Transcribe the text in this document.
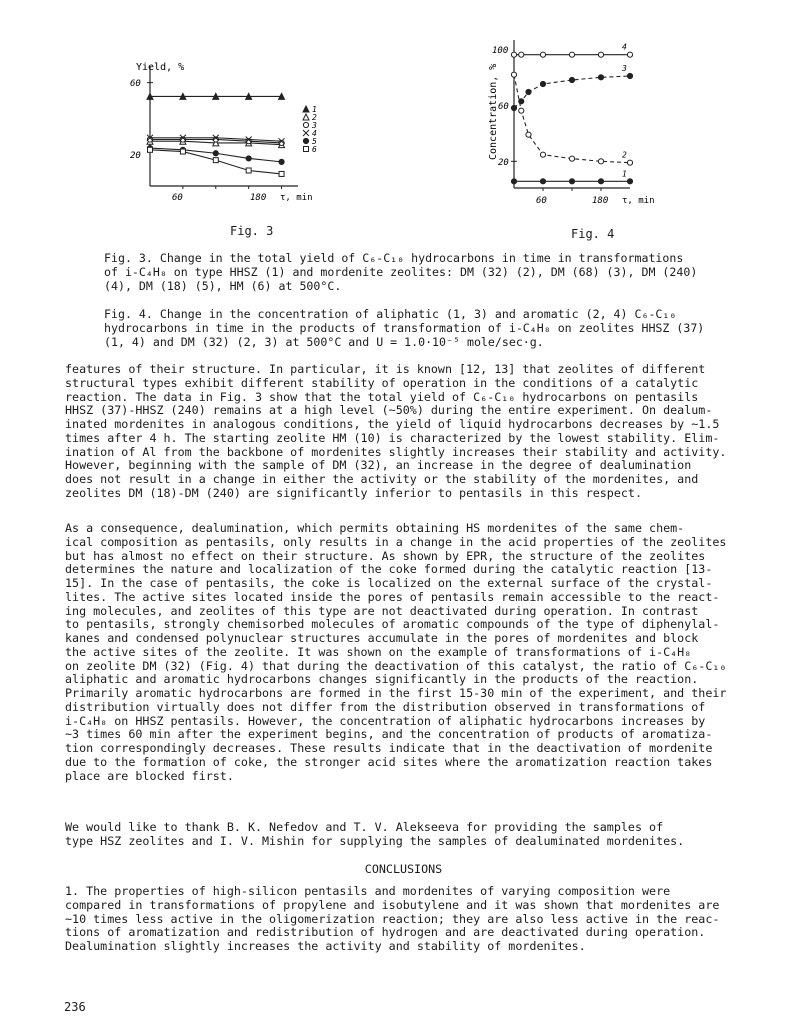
Yield, %
60
20
60	180 τ, min
1
2
3
4
5
6
Fig. 3
Concentration, %
100
60
20
60	180 τ, min
4
3
2
1
Fig. 4
Fig. 3. Change in the total yield of C₆-C₁₀ hydrocarbons in time in transformations
of i-C₄H₈ on type HHSZ (1) and mordenite zeolites: DM (32) (2), DM (68) (3), DM (240)
(4), DM (18) (5), HM (6) at 500°C.
Fig. 4. Change in the concentration of aliphatic (1, 3) and aromatic (2, 4) C₆-C₁₀
hydrocarbons in time in the products of transformation of i-C₄H₈ on zeolites HHSZ (37)
(1, 4) and DM (32) (2, 3) at 500°C and U = 1.0·10⁻⁵ mole/sec·g.
features of their structure. In particular, it is known [12, 13] that zeolites of different
structural types exhibit different stability of operation in the conditions of a catalytic
reaction. The data in Fig. 3 show that the total yield of C₆-C₁₀ hydrocarbons on pentasils
HHSZ (37)-HHSZ (240) remains at a high level (~50%) during the entire experiment. On dealum-
inated mordenites in analogous conditions, the yield of liquid hydrocarbons decreases by ~1.5
times after 4 h. The starting zeolite HM (10) is characterized by the lowest stability. Elim-
ination of Al from the backbone of mordenites slightly increases their stability and activity.
However, beginning with the sample of DM (32), an increase in the degree of dealumination
does not result in a change in either the activity or the stability of the mordenites, and
zeolites DM (18)-DM (240) are significantly inferior to pentasils in this respect.
As a consequence, dealumination, which permits obtaining HS mordenites of the same chem-
ical composition as pentasils, only results in a change in the acid properties of the zeolites
but has almost no effect on their structure. As shown by EPR, the structure of the zeolites
determines the nature and localization of the coke formed during the catalytic reaction [13-
15]. In the case of pentasils, the coke is localized on the external surface of the crystal-
lites. The active sites located inside the pores of pentasils remain accessible to the react-
ing molecules, and zeolites of this type are not deactivated during operation. In contrast
to pentasils, strongly chemisorbed molecules of aromatic compounds of the type of diphenylal-
kanes and condensed polynuclear structures accumulate in the pores of mordenites and block
the active sites of the zeolite. It was shown on the example of transformations of i-C₄H₈
on zeolite DM (32) (Fig. 4) that during the deactivation of this catalyst, the ratio of C₆-C₁₀
aliphatic and aromatic hydrocarbons changes significantly in the products of the reaction.
Primarily aromatic hydrocarbons are formed in the first 15-30 min of the experiment, and their
distribution virtually does not differ from the distribution observed in transformations of
i-C₄H₈ on HHSZ pentasils. However, the concentration of aliphatic hydrocarbons increases by
~3 times 60 min after the experiment begins, and the concentration of products of aromatiza-
tion correspondingly decreases. These results indicate that in the deactivation of mordenite
due to the formation of coke, the stronger acid sites where the aromatization reaction takes
place are blocked first.
We would like to thank B. K. Nefedov and T. V. Alekseeva for providing the samples of
type HSZ zeolites and I. V. Mishin for supplying the samples of dealuminated mordenites.
CONCLUSIONS
1. The properties of high-silicon pentasils and mordenites of varying composition were
compared in transformations of propylene and isobutylene and it was shown that mordenites are
~10 times less active in the oligomerization reaction; they are also less active in the reac-
tions of aromatization and redistribution of hydrogen and are deactivated during operation.
Dealumination slightly increases the activity and stability of mordenites.
236
